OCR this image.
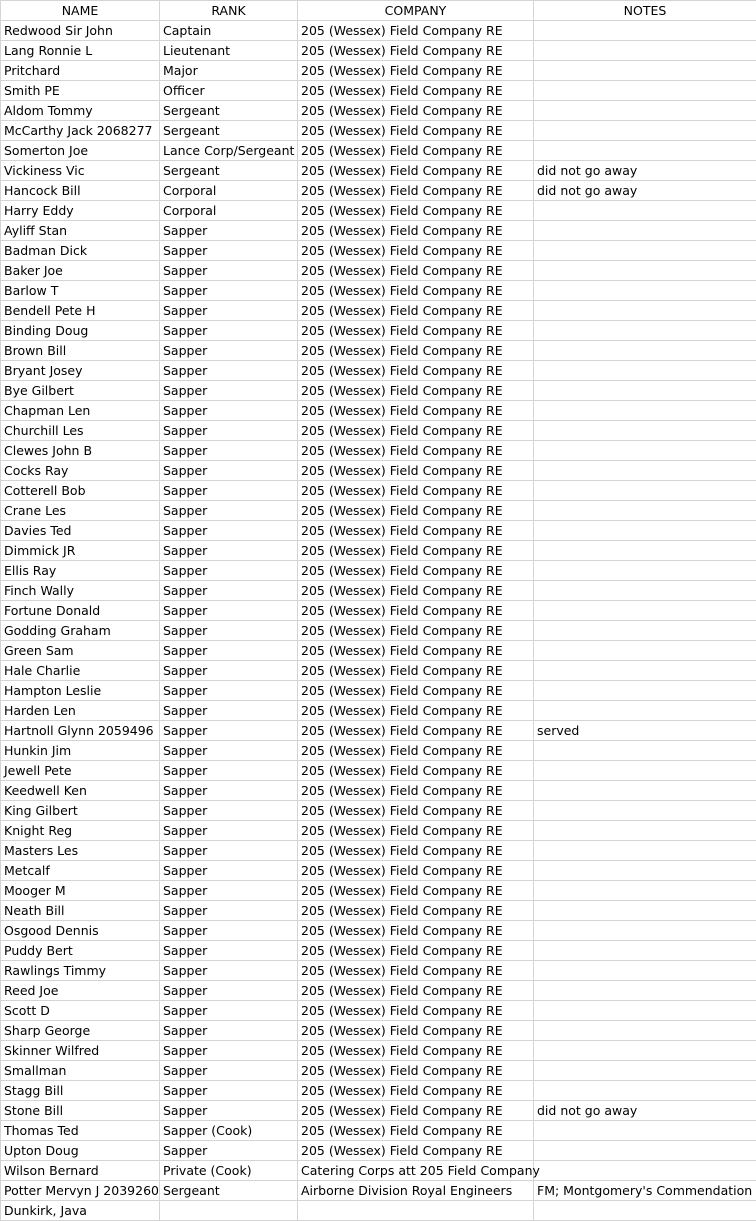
NAME	RANK	COMPANY	NOTES
Redwood Sir John	Captain	205 (Wessex) Field Company RE	
Lang Ronnie L	Lieutenant	205 (Wessex) Field Company RE	
Pritchard	Major	205 (Wessex) Field Company RE	
Smith PE	Officer	205 (Wessex) Field Company RE	
Aldom Tommy	Sergeant	205 (Wessex) Field Company RE	
McCarthy Jack 2068277	Sergeant	205 (Wessex) Field Company RE	
Somerton Joe	Lance Corp/Sergeant	205 (Wessex) Field Company RE	
Vickiness Vic	Sergeant	205 (Wessex) Field Company RE	did not go away
Hancock Bill	Corporal	205 (Wessex) Field Company RE	did not go away
Harry Eddy	Corporal	205 (Wessex) Field Company RE	
Ayliff Stan	Sapper	205 (Wessex) Field Company RE	
Badman Dick	Sapper	205 (Wessex) Field Company RE	
Baker Joe	Sapper	205 (Wessex) Field Company RE	
Barlow T	Sapper	205 (Wessex) Field Company RE	
Bendell Pete H	Sapper	205 (Wessex) Field Company RE	
Binding Doug	Sapper	205 (Wessex) Field Company RE	
Brown Bill	Sapper	205 (Wessex) Field Company RE	
Bryant Josey	Sapper	205 (Wessex) Field Company RE	
Bye Gilbert	Sapper	205 (Wessex) Field Company RE	
Chapman Len	Sapper	205 (Wessex) Field Company RE	
Churchill Les	Sapper	205 (Wessex) Field Company RE	
Clewes John B	Sapper	205 (Wessex) Field Company RE	
Cocks Ray	Sapper	205 (Wessex) Field Company RE	
Cotterell Bob	Sapper	205 (Wessex) Field Company RE	
Crane Les	Sapper	205 (Wessex) Field Company RE	
Davies Ted	Sapper	205 (Wessex) Field Company RE	
Dimmick JR	Sapper	205 (Wessex) Field Company RE	
Ellis Ray	Sapper	205 (Wessex) Field Company RE	
Finch Wally	Sapper	205 (Wessex) Field Company RE	
Fortune Donald	Sapper	205 (Wessex) Field Company RE	
Godding Graham	Sapper	205 (Wessex) Field Company RE	
Green Sam	Sapper	205 (Wessex) Field Company RE	
Hale Charlie	Sapper	205 (Wessex) Field Company RE	
Hampton Leslie	Sapper	205 (Wessex) Field Company RE	
Harden Len	Sapper	205 (Wessex) Field Company RE	
Hartnoll Glynn 2059496	Sapper	205 (Wessex) Field Company RE	served
Hunkin Jim	Sapper	205 (Wessex) Field Company RE	
Jewell Pete	Sapper	205 (Wessex) Field Company RE	
Keedwell Ken	Sapper	205 (Wessex) Field Company RE	
King Gilbert	Sapper	205 (Wessex) Field Company RE	
Knight Reg	Sapper	205 (Wessex) Field Company RE	
Masters Les	Sapper	205 (Wessex) Field Company RE	
Metcalf	Sapper	205 (Wessex) Field Company RE	
Mooger M	Sapper	205 (Wessex) Field Company RE	
Neath Bill	Sapper	205 (Wessex) Field Company RE	
Osgood Dennis	Sapper	205 (Wessex) Field Company RE	
Puddy Bert	Sapper	205 (Wessex) Field Company RE	
Rawlings Timmy	Sapper	205 (Wessex) Field Company RE	
Reed Joe	Sapper	205 (Wessex) Field Company RE	
Scott D	Sapper	205 (Wessex) Field Company RE	
Sharp George	Sapper	205 (Wessex) Field Company RE	
Skinner Wilfred	Sapper	205 (Wessex) Field Company RE	
Smallman	Sapper	205 (Wessex) Field Company RE	
Stagg Bill	Sapper	205 (Wessex) Field Company RE	
Stone Bill	Sapper	205 (Wessex) Field Company RE	did not go away
Thomas Ted	Sapper (Cook)	205 (Wessex) Field Company RE	
Upton Doug	Sapper	205 (Wessex) Field Company RE	
Wilson Bernard	Private (Cook)	Catering Corps att 205 Field Company	
Potter Mervyn J 2039260	Sergeant	Airborne Division Royal Engineers	FM; Montgomery's Commendation
Dunkirk, Java			
